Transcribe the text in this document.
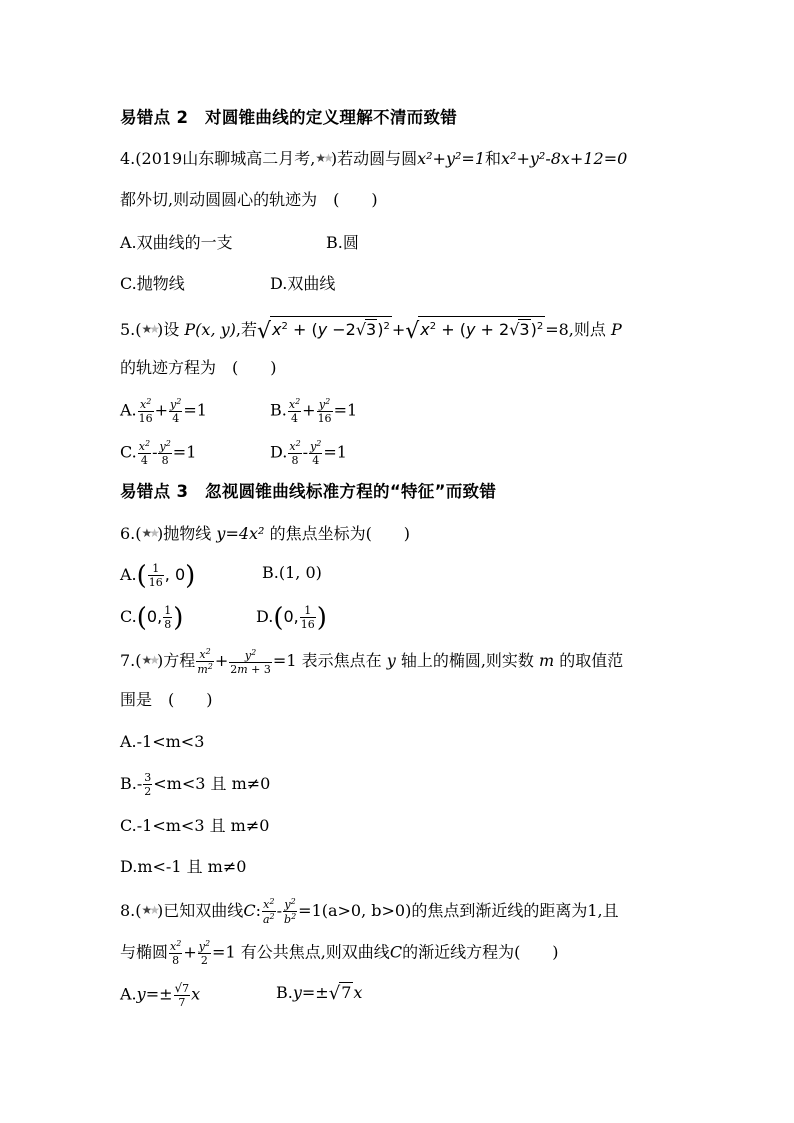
易错点 2　对圆锥曲线的定义理解不清而致错
4.(2019山东聊城高二月考,★★)若动圆与圆x²+y²=1和x²+y²-8x+12=0
都外切,则动圆圆心的轨迹为　(　　)
A.双曲线的一支	B.圆
C.抛物线	D.双曲线
5.(★★)设 P(x, y),若$√x^2 + (y -2√3)^2 +√x^2 + (y + 2√3)^2 =8$,则点 P
的轨迹方程为　(　　)
A. $\frac{x^2}{16} + \frac{y^2}{4} =1$	B. $\frac{x^2}{4} + \frac{y^2}{16} =1$
C. $\frac{x^2}{4} - \frac{y^2}{8} =1$	D. $\frac{x^2}{8} - \frac{y^2}{4} =1$
易错点 3　忽视圆锥曲线标准方程的“特征”而致错
6.(★★)抛物线 y=4x² 的焦点坐标为(　　)
$A.( \frac{1}{16}$ , 0)	B.(1, 0)
C.(0, $\frac{1}{8}$ )	D.(0, $\frac{1}{16}$ )
7.(★★)方程 $\frac{x^2}{m^2} + \frac{y^2}{2m + 3} =1$ 表示焦点在 y 轴上的椭圆,则实数 m 的取值范
围是　(　　)
A.-1<m<3
$B.- \frac{3}{2} <m<3$ 且 m≠0
C.-1<m<3 且 m≠0
D.m<-1 且 m≠0
8.(★★)已知双曲线C: $\frac{x^2}{a^2} - \frac{y^2}{b^2} =1(a>0$, b>0)的焦点到渐近线的距离为1,且
与椭圆 $\frac{x^2}{8} + \frac{y^2}{2} =1$ 有公共焦点,则双曲线C的渐近线方程为(　　)
$A.y=\pm \frac{√7}{7}$ x	B.y=±√7 x
